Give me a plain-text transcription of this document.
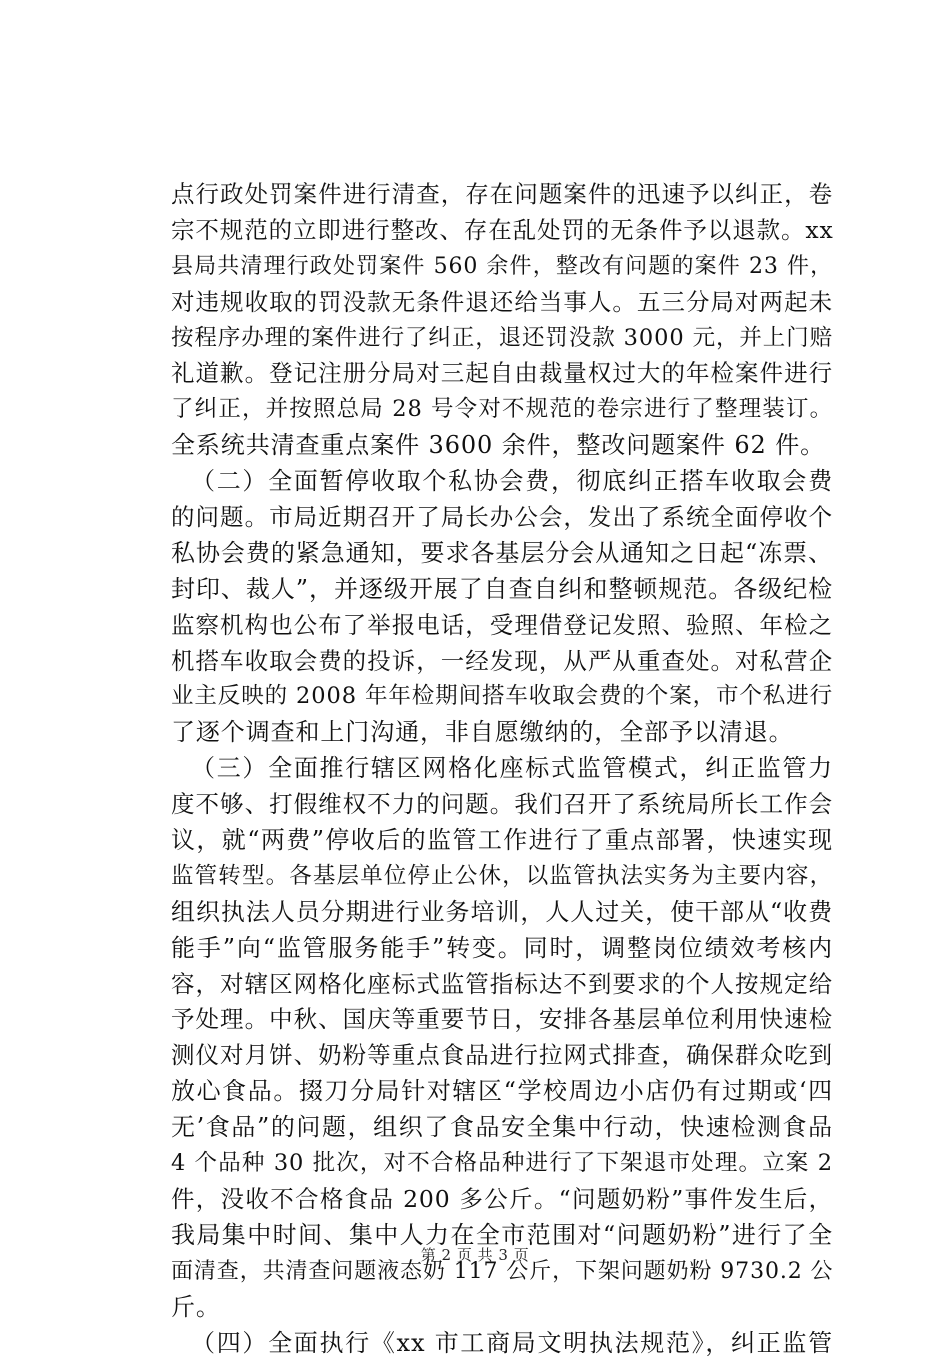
点行政处罚案件进行清查，存在问题案件的迅速予以纠正，卷
宗不规范的立即进行整改、存在乱处罚的无条件予以退款。xx
县局共清理行政处罚案件 560 余件，整改有问题的案件 23 件，
对违规收取的罚没款无条件退还给当事人。五三分局对两起未
按程序办理的案件进行了纠正，退还罚没款 3000 元，并上门赔
礼道歉。登记注册分局对三起自由裁量权过大的年检案件进行
了纠正，并按照总局 28 号令对不规范的卷宗进行了整理装订。
全系统共清查重点案件 3600 余件，整改问题案件 62 件。
（二）全面暂停收取个私协会费，彻底纠正搭车收取会费
的问题。市局近期召开了局长办公会，发出了系统全面停收个
私协会费的紧急通知，要求各基层分会从通知之日起“冻票、
封印、裁人”，并逐级开展了自查自纠和整顿规范。各级纪检
监察机构也公布了举报电话，受理借登记发照、验照、年检之
机搭车收取会费的投诉，一经发现，从严从重查处。对私营企
业主反映的 2008 年年检期间搭车收取会费的个案，市个私进行
了逐个调查和上门沟通，非自愿缴纳的，全部予以清退。
（三）全面推行辖区网格化座标式监管模式，纠正监管力
度不够、打假维权不力的问题。我们召开了系统局所长工作会
议，就“两费”停收后的监管工作进行了重点部署，快速实现
监管转型。各基层单位停止公休，以监管执法实务为主要内容，
组织执法人员分期进行业务培训，人人过关，使干部从“收费
能手”向“监管服务能手”转变。同时，调整岗位绩效考核内
容，对辖区网格化座标式监管指标达不到要求的个人按规定给
予处理。中秋、国庆等重要节日，安排各基层单位利用快速检
测仪对月饼、奶粉等重点食品进行拉网式排查，确保群众吃到
放心食品。掇刀分局针对辖区“学校周边小店仍有过期或‘四
无’食品”的问题，组织了食品安全集中行动，快速检测食品
4 个品种 30 批次，对不合格品种进行了下架退市处理。立案 2
件，没收不合格食品 200 多公斤。“问题奶粉”事件发生后，
我局集中时间、集中人力在全市范围对“问题奶粉”进行了全
面清查，共清查问题液态奶 117 公斤，下架问题奶粉 9730.2 公
斤。
（四）全面执行《xx 市工商局文明执法规范》，纠正监管
第 2 页 共 3 页
